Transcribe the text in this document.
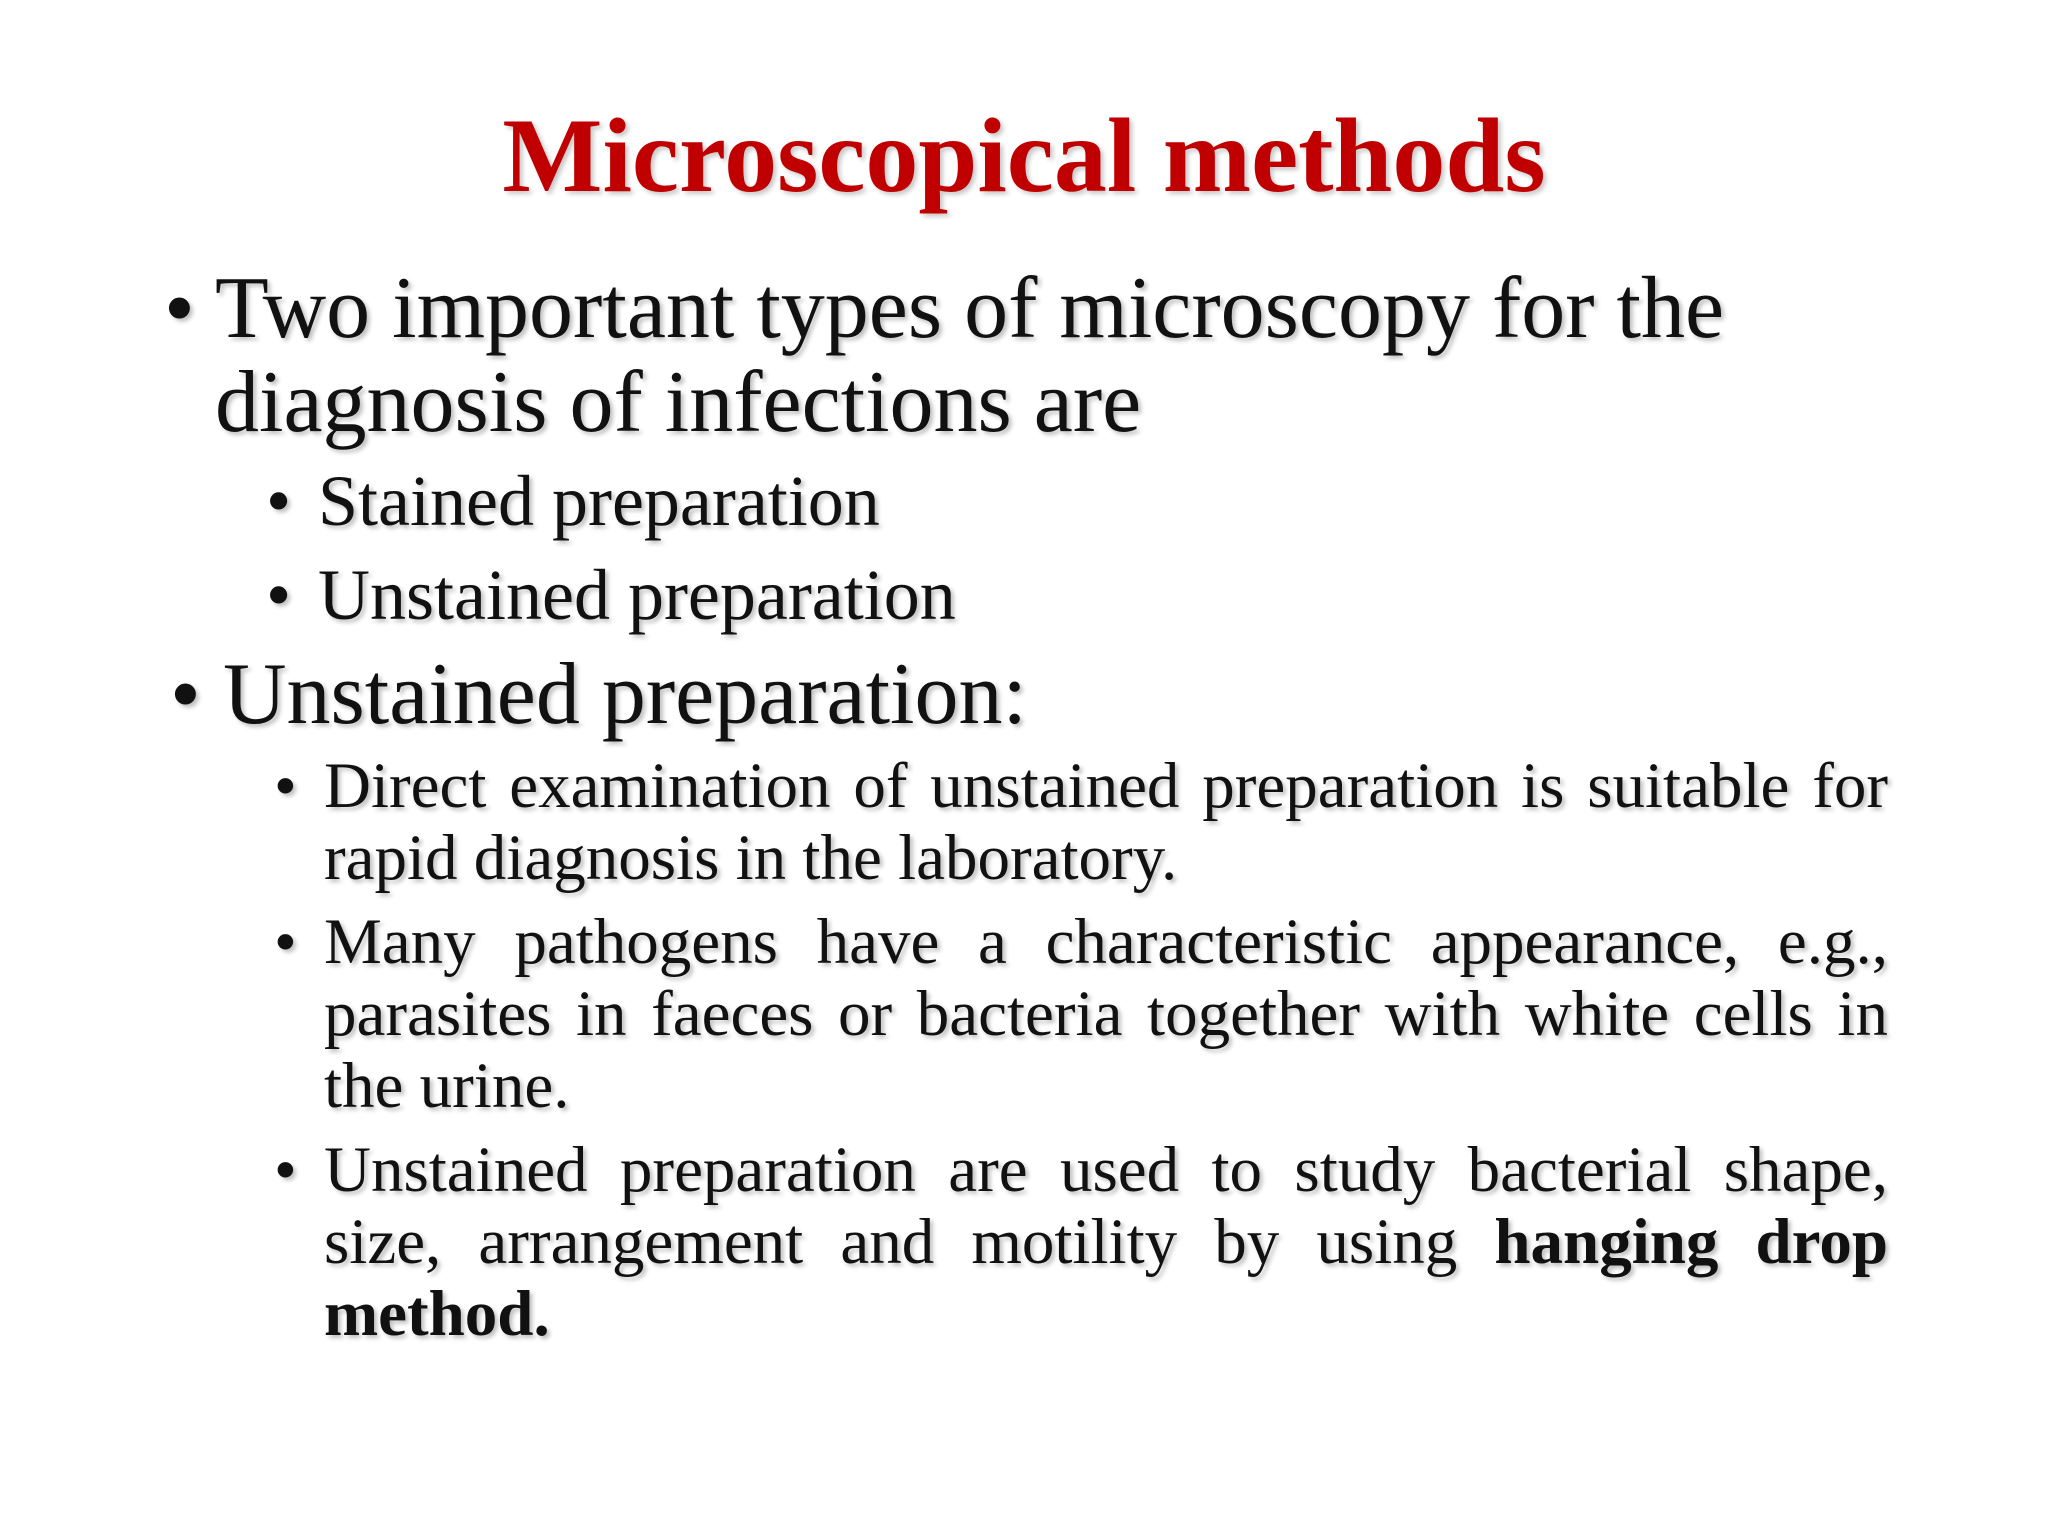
Microscopical methods
• Two important types of microscopy for the diagnosis of infections are
• Stained preparation
• Unstained preparation
• Unstained preparation:
• Direct examination of unstained preparation is suitable for rapid diagnosis in the laboratory.
• Many pathogens have a characteristic appearance, e.g., parasites in faeces or bacteria together with white cells in the urine.
• Unstained preparation are used to study bacterial shape, size, arrangement and motility by using hanging drop method.
